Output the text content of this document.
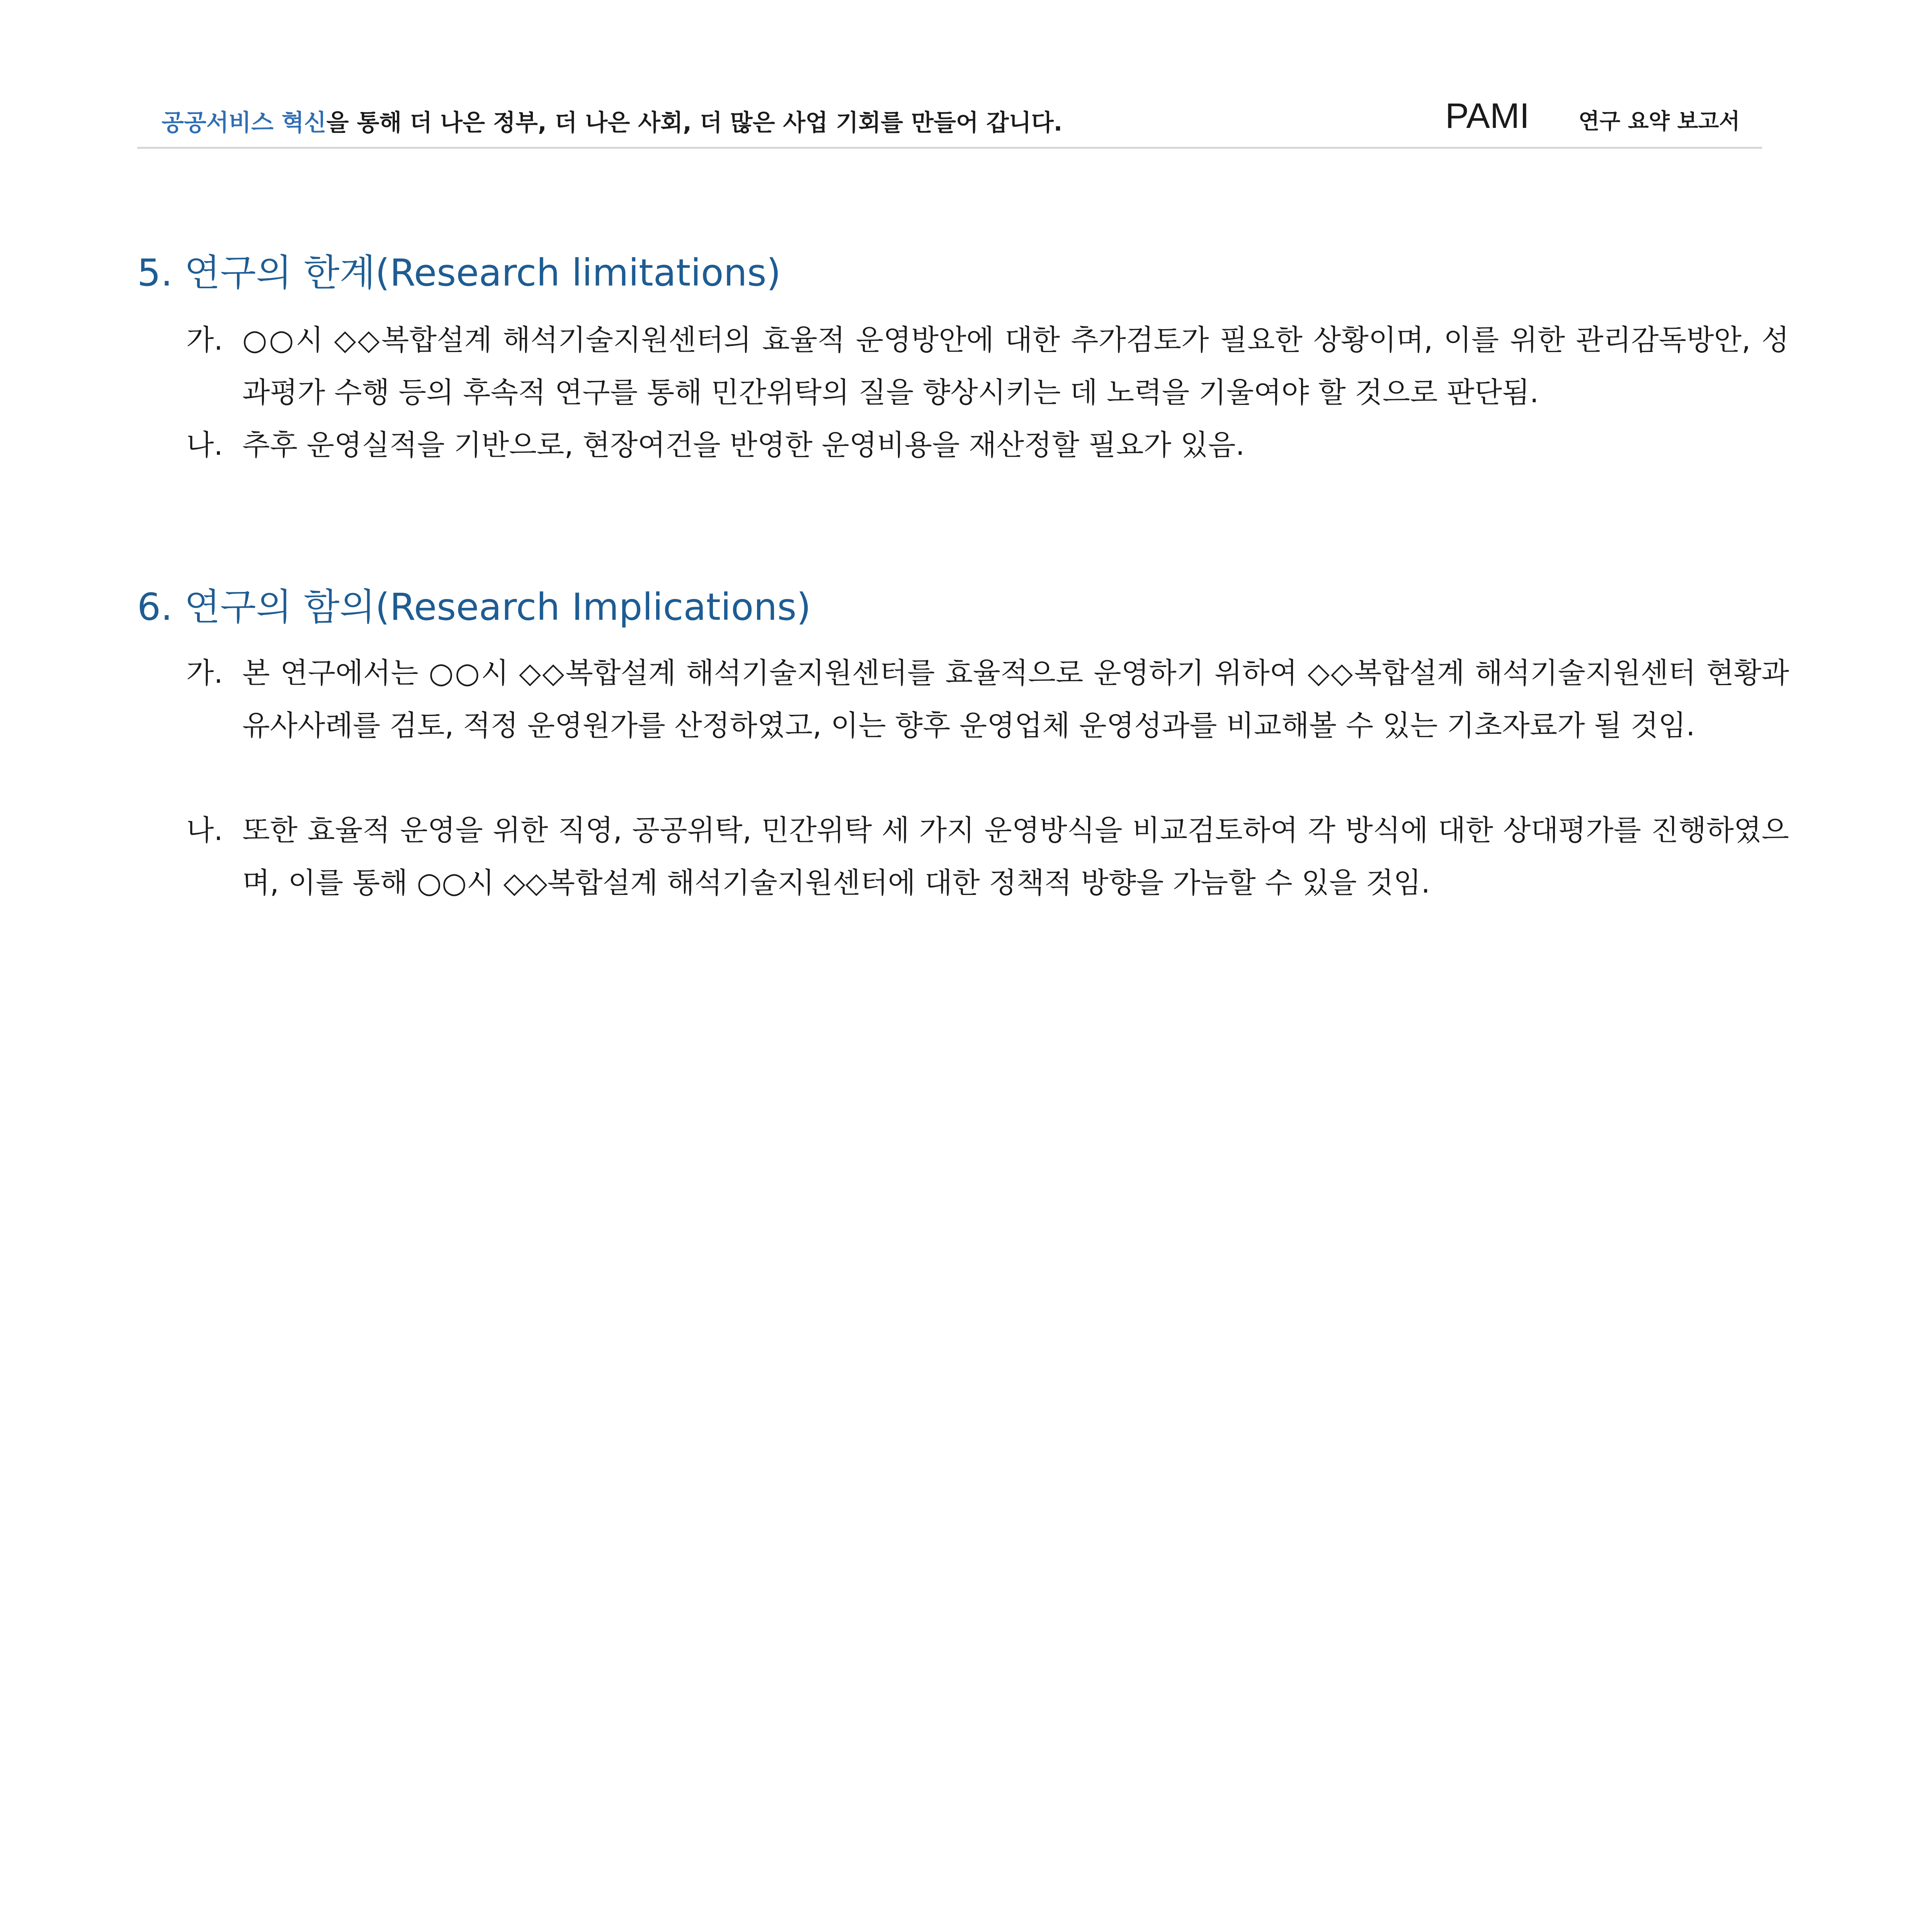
공공서비스 혁신을 통해 더 나은 정부, 더 나은 사회, 더 많은 사업 기회를 만들어 갑니다.	PAMI 연구 요약 보고서
5. 연구의 한계(Research limitations)
가. ○○시 ◇◇복합설계 해석기술지원센터의 효율적 운영방안에 대한 추가검토가 필요한 상황이며, 이를 위한 관리감독방안, 성과평가 수행 등의 후속적 연구를 통해 민간위탁의 질을 향상시키는 데 노력을 기울여야 할 것으로 판단됨.
나. 추후 운영실적을 기반으로, 현장여건을 반영한 운영비용을 재산정할 필요가 있음.
6. 연구의 함의(Research Implications)
가. 본 연구에서는 ○○시 ◇◇복합설계 해석기술지원센터를 효율적으로 운영하기 위하여 ◇◇복합설계 해석기술지원센터 현황과 유사사례를 검토, 적정 운영원가를 산정하였고, 이는 향후 운영업체 운영성과를 비교해볼 수 있는 기초자료가 될 것임.
나. 또한 효율적 운영을 위한 직영, 공공위탁, 민간위탁 세 가지 운영방식을 비교검토하여 각 방식에 대한 상대평가를 진행하였으며, 이를 통해 ○○시 ◇◇복합설계 해석기술지원센터에 대한 정책적 방향을 가늠할 수 있을 것임.
